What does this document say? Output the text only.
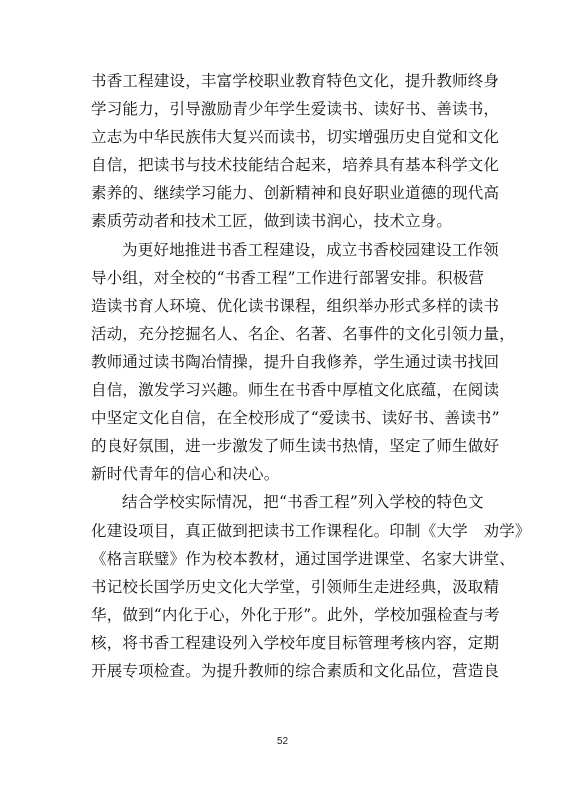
书香工程建设，丰富学校职业教育特色文化，提升教师终身
学习能力，引导激励青少年学生爱读书、读好书、善读书，
立志为中华民族伟大复兴而读书，切实增强历史自觉和文化
自信，把读书与技术技能结合起来，培养具有基本科学文化
素养的、继续学习能力、创新精神和良好职业道德的现代高
素质劳动者和技术工匠，做到读书润心，技术立身。
为更好地推进书香工程建设，成立书香校园建设工作领
导小组，对全校的“书香工程”工作进行部署安排。积极营
造读书育人环境、优化读书课程，组织举办形式多样的读书
活动，充分挖掘名人、名企、名著、名事件的文化引领力量，
教师通过读书陶冶情操，提升自我修养，学生通过读书找回
自信，激发学习兴趣。师生在书香中厚植文化底蕴，在阅读
中坚定文化自信，在全校形成了“爱读书、读好书、善读书”
的良好氛围，进一步激发了师生读书热情，坚定了师生做好
新时代青年的信心和决心。
结合学校实际情况，把“书香工程”列入学校的特色文
化建设项目，真正做到把读书工作课程化。印制《大学　劝学》
《格言联璧》作为校本教材，通过国学进课堂、名家大讲堂、
书记校长国学历史文化大学堂，引领师生走进经典，汲取精
华，做到“内化于心，外化于形”。此外，学校加强检查与考
核，将书香工程建设列入学校年度目标管理考核内容，定期
开展专项检查。为提升教师的综合素质和文化品位，营造良
52
